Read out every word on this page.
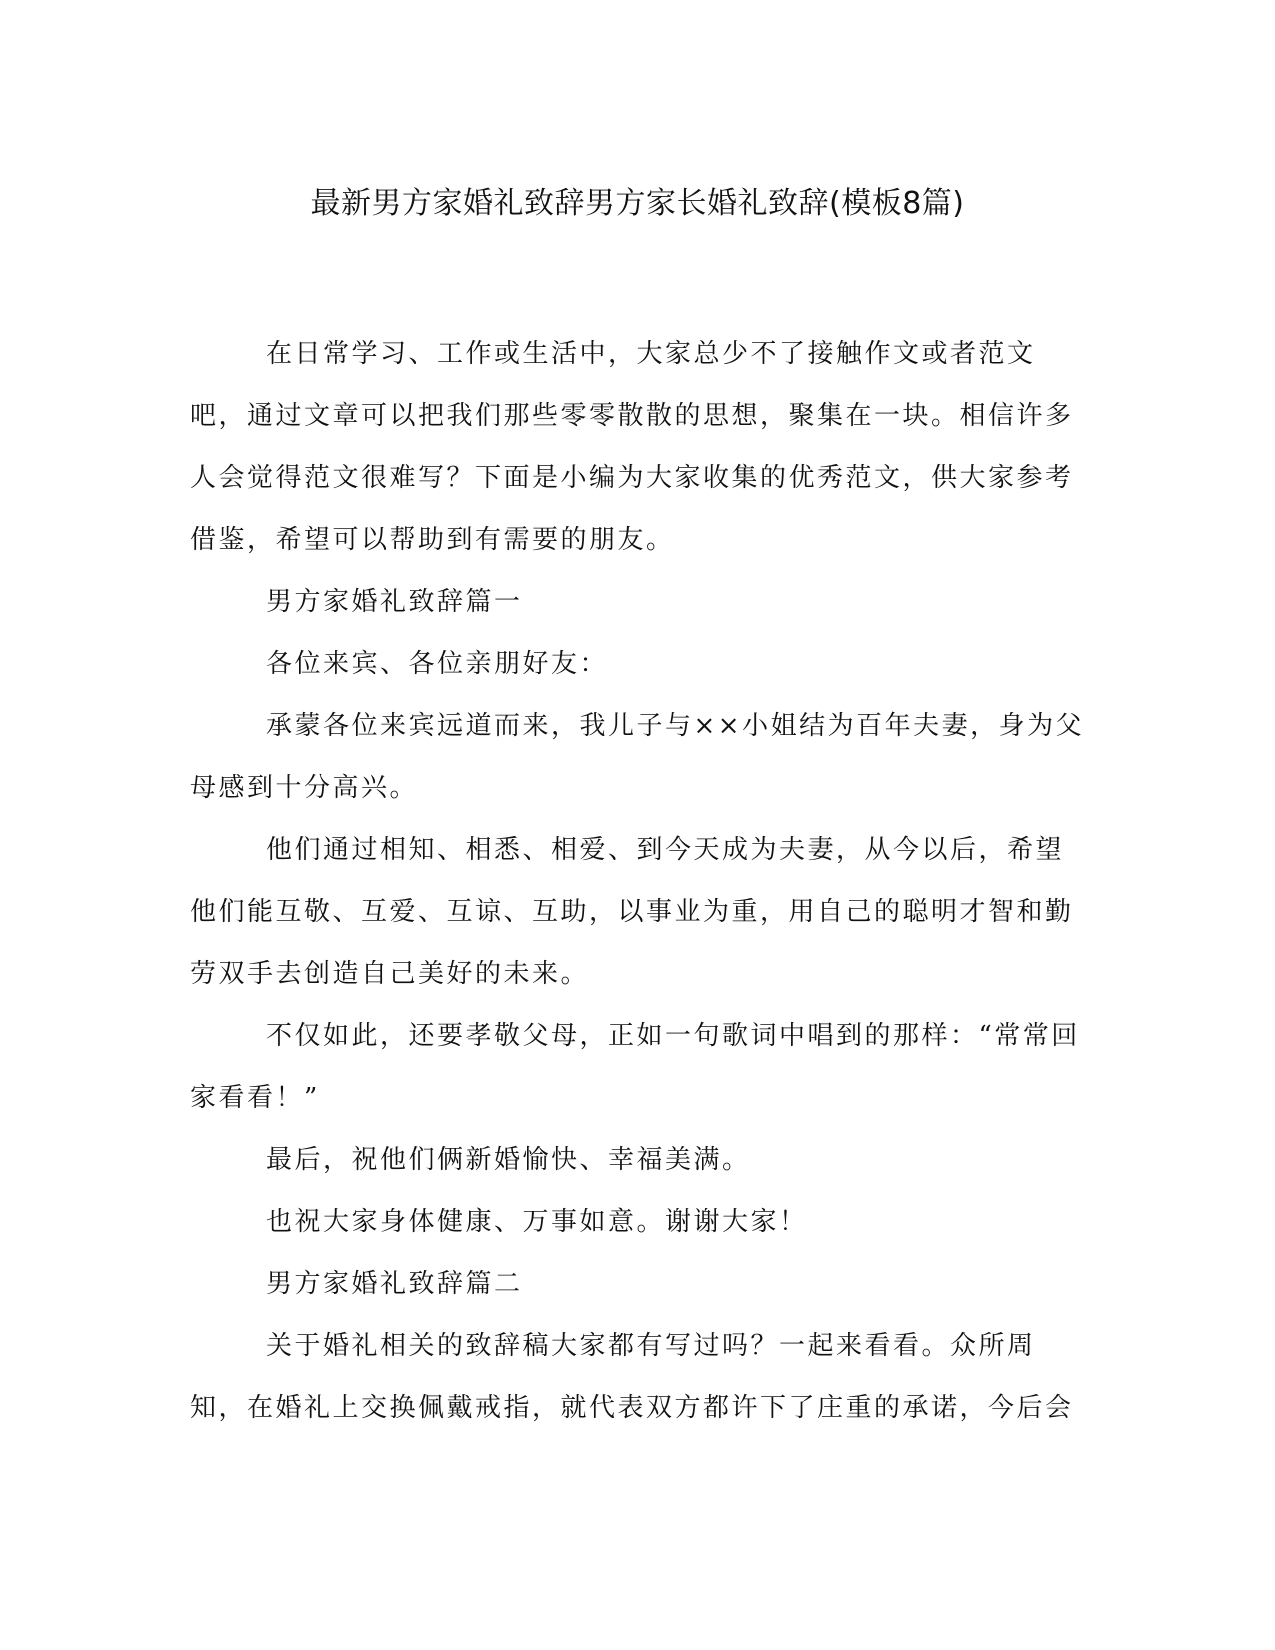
最新男方家婚礼致辞男方家长婚礼致辞(模板8篇)

在日常学习、工作或生活中，大家总少不了接触作文或者范文吧，通过文章可以把我们那些零零散散的思想，聚集在一块。相信许多人会觉得范文很难写？下面是小编为大家收集的优秀范文，供大家参考借鉴，希望可以帮助到有需要的朋友。

男方家婚礼致辞篇一

各位来宾、各位亲朋好友：

承蒙各位来宾远道而来，我儿子与××小姐结为百年夫妻，身为父母感到十分高兴。

他们通过相知、相悉、相爱、到今天成为夫妻，从今以后，希望他们能互敬、互爱、互谅、互助，以事业为重，用自己的聪明才智和勤劳双手去创造自己美好的未来。

不仅如此，还要孝敬父母，正如一句歌词中唱到的那样：“常常回家看看！”

最后，祝他们俩新婚愉快、幸福美满。

也祝大家身体健康、万事如意。谢谢大家！

男方家婚礼致辞篇二

关于婚礼相关的致辞稿大家都有写过吗？一起来看看。众所周知，在婚礼上交换佩戴戒指，就代表双方都许下了庄重的承诺，今后会
